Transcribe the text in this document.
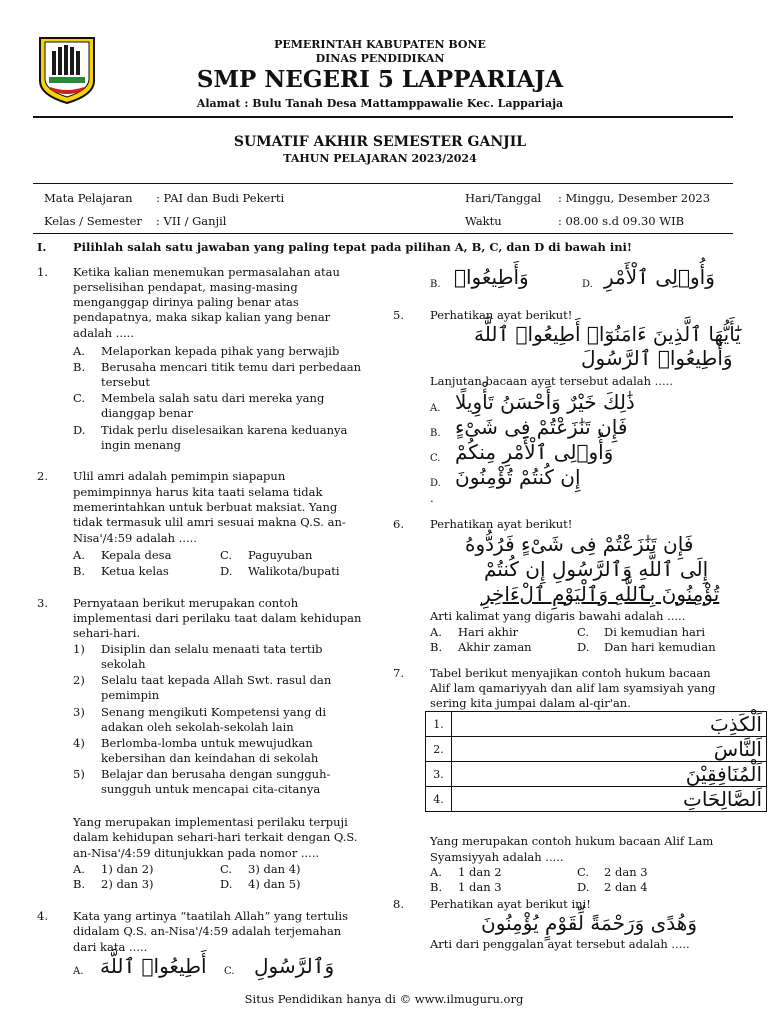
PEMERINTAH KABUPATEN BONE
DINAS PENDIDIKAN
SMP NEGERI 5 LAPPARIAJA
Alamat : Bulu Tanah Desa Mattamppawalie Kec. Lappariaja
SUMATIF AKHIR SEMESTER GANJIL
TAHUN PELAJARAN 2023/2024
Mata Pelajaran : PAI dan Budi Pekerti
Kelas / Semester : VII / Ganjil
Hari/Tanggal : Minggu, Desember 2023
Waktu	: 08.00 s.d 09.30 WIB
I. Pilihlah salah satu jawaban yang paling tepat pada pilihan A, B, C, dan D di bawah ini!
1. Ketika kalian menemukan permasalahan atau
perselisihan pendapat, masing-masing
menganggap dirinya paling benar atas
pendapatnya, maka sikap kalian yang benar
adalah .....
A. Melaporkan kepada pihak yang berwajib
B. Berusaha mencari titik temu dari perbedaan
tersebut
C. Membela salah satu dari mereka yang
dianggap benar
D. Tidak perlu diselesaikan karena keduanya
ingin menang
2. Ulil amri adalah pemimpin siapapun
pemimpinnya harus kita taati selama tidak
memerintahkan untuk berbuat maksiat. Yang
tidak termasuk ulil amri sesuai makna Q.S. an-
Nisa'/4:59 adalah .....
A. Kepala desa	C. Paguyuban
B. Ketua kelas	D. Walikota/bupati
3. Pernyataan berikut merupakan contoh
implementasi dari perilaku taat dalam kehidupan
sehari-hari.
1) Disiplin dan selalu menaati tata tertib
sekolah
2) Selalu taat kepada Allah Swt. rasul dan
pemimpin
3) Senang mengikuti Kompetensi yang di
adakan oleh sekolah-sekolah lain
4) Berlomba-lomba untuk mewujudkan
kebersihan dan keindahan di sekolah
5) Belajar dan berusaha dengan sungguh-
sungguh untuk mencapai cita-citanya
Yang merupakan implementasi perilaku terpuji
dalam kehidupan sehari-hari terkait dengan Q.S.
an-Nisa'/4:59 ditunjukkan pada nomor .....
A. 1) dan 2)	C. 3) dan 4)
B. 2) dan 3)	D. 4) dan 5)
4. Kata yang artinya “taatilah Allah” yang tertulis
didalam Q.S. an-Nisa'/4:59 adalah terjemahan
dari kata .....
A. أَطِيعُوا۟ ٱللَّهَ C. وَٱلرَّسُولِ
B. وَأَطِيعُوا۟	D. وَأُو۟لِى ٱلْأَمْرِ
5. Perhatikan ayat berikut!
يَٰٓأَيُّهَا ٱلَّذِينَ ءَامَنُوٓا۟ أَطِيعُوا۟ ٱللَّهَ
وَأَطِيعُوا۟ ٱلرَّسُولَ
Lanjutan bacaan ayat tersebut adalah .....
A. ذَٰلِكَ خَيْرٌ وَأَحْسَنُ تَأْوِيلًا
B. فَإِن تَنَٰزَعْتُمْ فِى شَىْءٍ
C. وَأُو۟لِى ٱلْأَمْرِ مِنكُمْ
D. إِن كُنتُمْ تُؤْمِنُونَ
.
6. Perhatikan ayat berikut!
فَإِن تَنَٰزَعْتُمْ فِى شَىْءٍ فَرُدُّوهُ
إِلَى ٱللَّهِ وَٱلرَّسُولِ إِن كُنتُمْ
تُؤْمِنُونَ بِٱللَّهِ وَٱلْيَوْمِ ٱلْءَاخِرِ
Arti kalimat yang digaris bawahi adalah .....
A. Hari akhir	C. Di kemudian hari
B. Akhir zaman	D. Dan hari kemudian
7. Tabel berikut menyajikan contoh hukum bacaan
Alif lam qamariyyah dan alif lam syamsiyah yang
sering kita jumpai dalam al-qir'an.
1.	اَلْكَذِبَ
2.	اَلنَّاسَ
3.	اَلْمُنَافِقِيْنَ
4.	اَلصَّالِحَاتِ
Yang merupakan contoh hukum bacaan Alif Lam
Syamsiyyah adalah .....
A. 1 dan 2	C. 2 dan 3
B. 1 dan 3	D. 2 dan 4
8. Perhatikan ayat berikut ini!
وَهُدًى وَرَحْمَةً لِّقَوْمٍ يُؤْمِنُونَ
Arti dari penggalan ayat tersebut adalah .....
Situs Pendidikan hanya di © www.ilmuguru.org
